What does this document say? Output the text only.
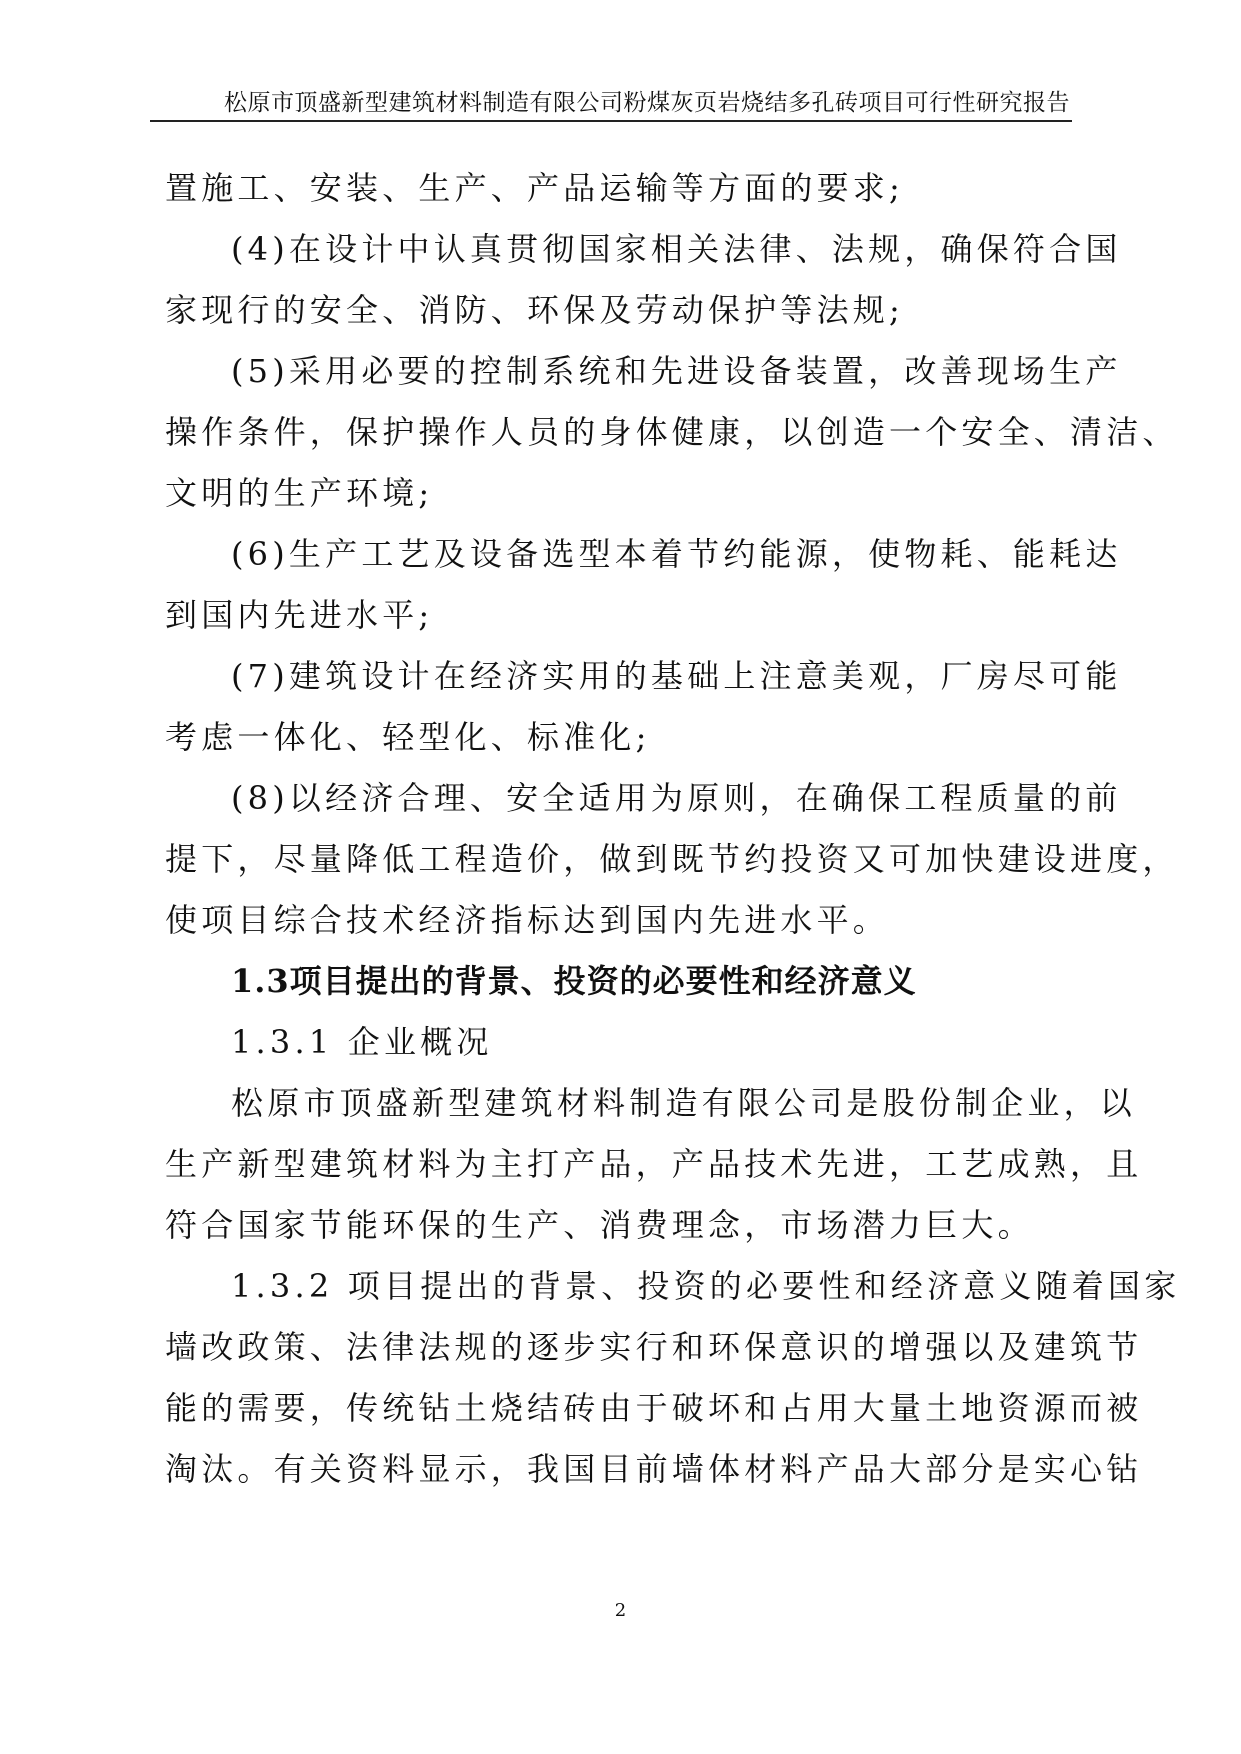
松原市顶盛新型建筑材料制造有限公司粉煤灰页岩烧结多孔砖项目可行性研究报告
置施工、安装、生产、产品运输等方面的要求;
(4)在设计中认真贯彻国家相关法律、法规，确保符合国
家现行的安全、消防、环保及劳动保护等法规;
(5)采用必要的控制系统和先进设备装置，改善现场生产
操作条件，保护操作人员的身体健康，以创造一个安全、清洁、
文明的生产环境;
(6)生产工艺及设备选型本着节约能源，使物耗、能耗达
到国内先进水平;
(7)建筑设计在经济实用的基础上注意美观，厂房尽可能
考虑一体化、轻型化、标准化;
(8)以经济合理、安全适用为原则，在确保工程质量的前
提下，尽量降低工程造价，做到既节约投资又可加快建设进度，
使项目综合技术经济指标达到国内先进水平。
1.3项目提出的背景、投资的必要性和经济意义
1.3.1 企业概况
松原市顶盛新型建筑材料制造有限公司是股份制企业，以
生产新型建筑材料为主打产品，产品技术先进，工艺成熟，且
符合国家节能环保的生产、消费理念，市场潜力巨大。
1.3.2 项目提出的背景、投资的必要性和经济意义随着国家
墙改政策、法律法规的逐步实行和环保意识的增强以及建筑节
能的需要，传统钻土烧结砖由于破坏和占用大量土地资源而被
淘汰。有关资料显示，我国目前墙体材料产品大部分是实心钻
2
